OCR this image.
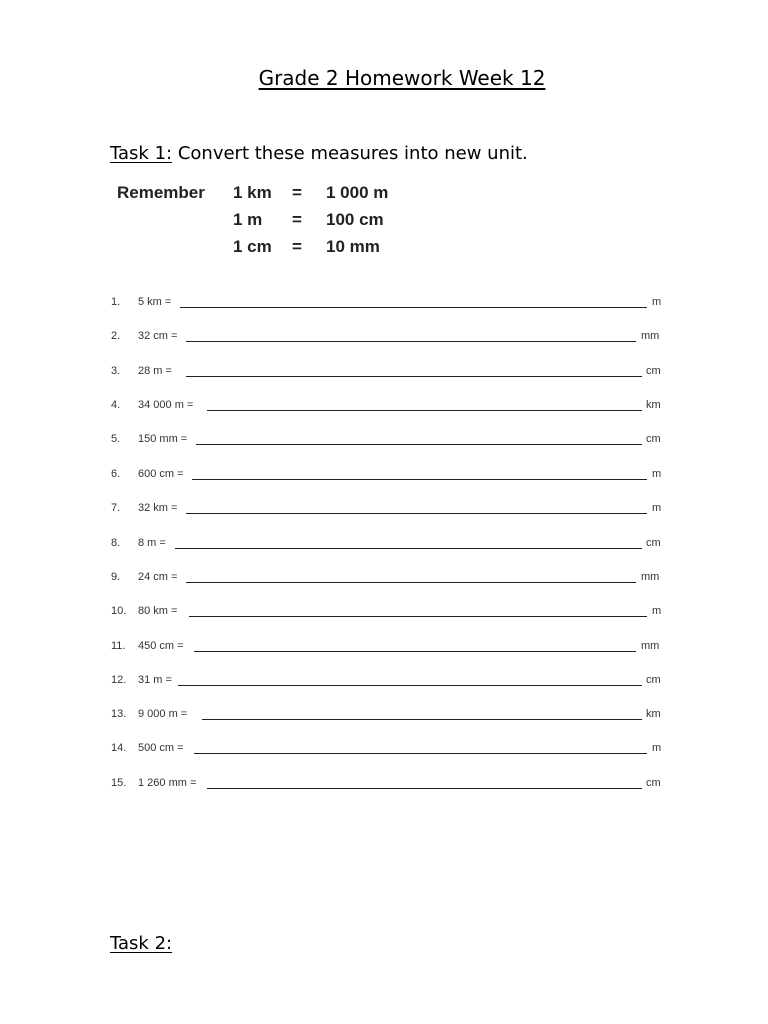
Grade 2 Homework Week 12
Task 1: Convert these measures into new unit.
Remember 1 km = 1 000 m
1 m = 100 cm
1 cm = 10 mm
1. 5 km =	m
2. 32 cm =	mm
3. 28 m =	cm
4. 34 000 m =	km
5. 150 mm =	cm
6. 600 cm =	m
7. 32 km =	m
8. 8 m =	cm
9. 24 cm =	mm
10. 80 km =	m
11. 450 cm =	mm
12. 31 m =	cm
13. 9 000 m =	km
14. 500 cm =	m
15. 1 260 mm =	cm
Task 2:
